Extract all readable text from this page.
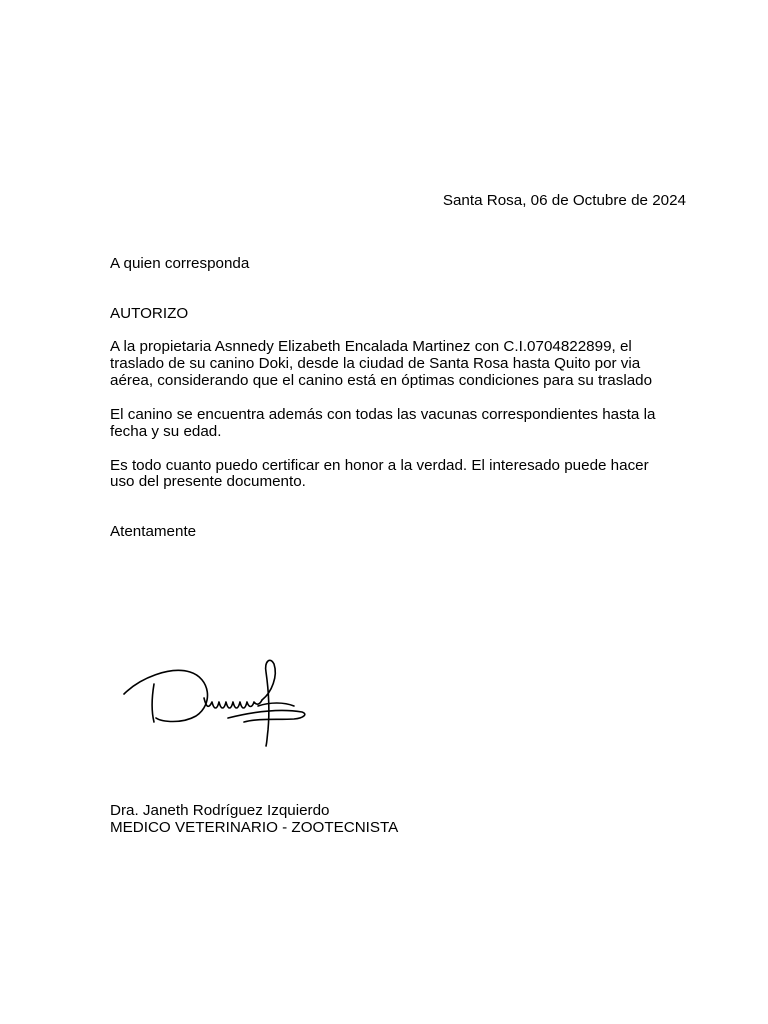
Santa Rosa, 06 de Octubre de 2024
A quien corresponda
AUTORIZO
A la propietaria Asnnedy Elizabeth Encalada Martinez con C.I.0704822899, el
traslado de su canino Doki, desde la ciudad de Santa Rosa hasta Quito por via
aérea, considerando que el canino está en óptimas condiciones para su traslado
El canino se encuentra además con todas las vacunas correspondientes hasta la
fecha y su edad.
Es todo cuanto puedo certificar en honor a la verdad. El interesado puede hacer
uso del presente documento.
Atentamente
Dra. Janeth Rodríguez Izquierdo
MEDICO VETERINARIO - ZOOTECNISTA
